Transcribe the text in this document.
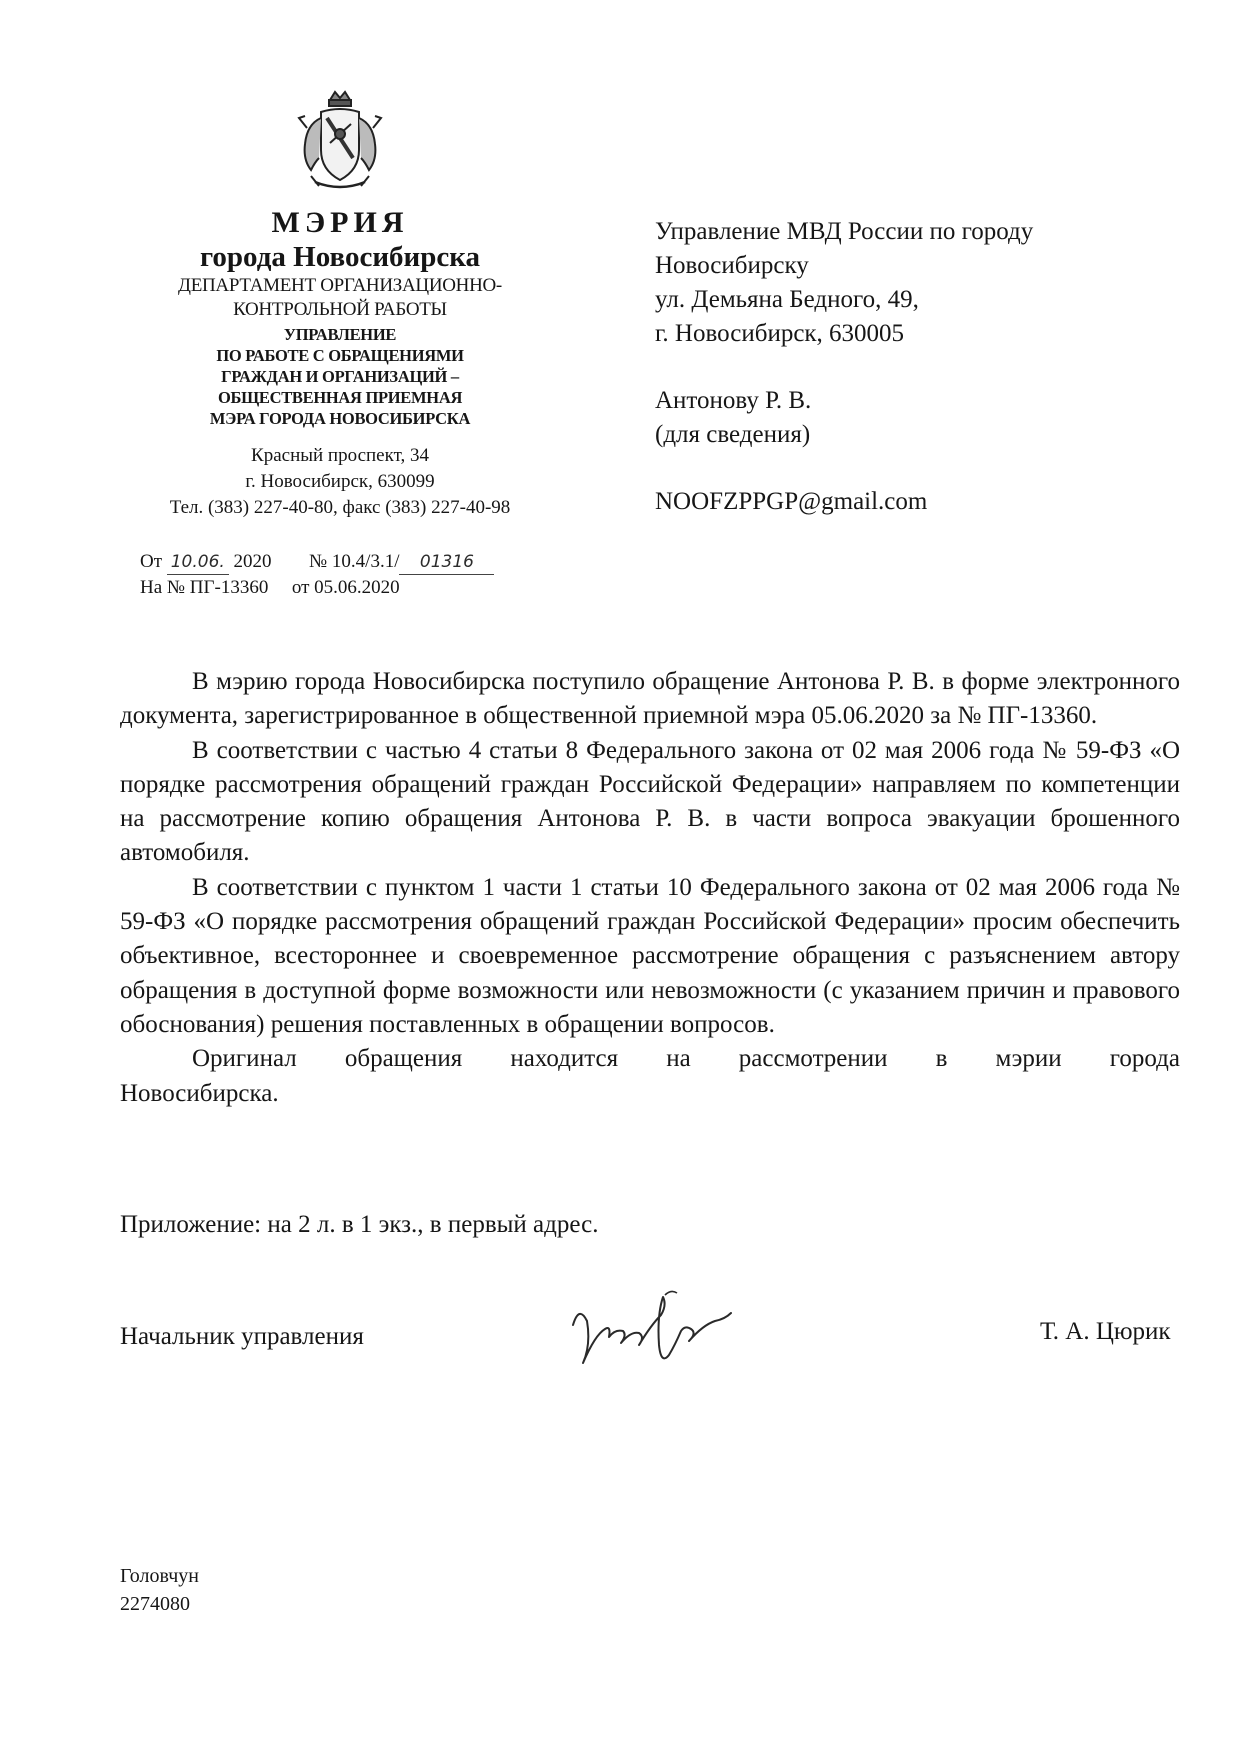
МЭРИЯ
города Новосибирска
ДЕПАРТАМЕНТ ОРГАНИЗАЦИОННО-
КОНТРОЛЬНОЙ РАБОТЫ
УПРАВЛЕНИЕ
ПО РАБОТЕ С ОБРАЩЕНИЯМИ
ГРАЖДАН И ОРГАНИЗАЦИЙ –
ОБЩЕСТВЕННАЯ ПРИЕМНАЯ
МЭРА ГОРОДА НОВОСИБИРСКА
Красный проспект, 34
г. Новосибирск, 630099
Тел. (383) 227-40-80, факс (383) 227-40-98
От 10.06. 2020 № 10.4/3.1/ 01316
На № ПГ-13360 от 05.06.2020
Управление МВД России по городу
Новосибирску
ул. Демьяна Бедного, 49,
г. Новосибирск, 630005
Антонову Р. В.
(для сведения)
NOOFZPPGP@gmail.com

В мэрию города Новосибирска поступило обращение Антонова Р. В. в форме электронного документа, зарегистрированное в общественной приемной мэра 05.06.2020 за № ПГ-13360.

В соответствии с частью 4 статьи 8 Федерального закона от 02 мая 2006 года № 59-ФЗ «О порядке рассмотрения обращений граждан Российской Федерации» направляем по компетенции на рассмотрение копию обращения Антонова Р. В. в части вопроса эвакуации брошенного автомобиля.

В соответствии с пунктом 1 части 1 статьи 10 Федерального закона от 02 мая 2006 года № 59-ФЗ «О порядке рассмотрения обращений граждан Российской Федерации» просим обеспечить объективное, всестороннее и своевременное рассмотрение обращения с разъяснением автору обращения в доступной форме возможности или невозможности (с указанием причин и правового обоснования) решения поставленных в обращении вопросов.

Оригинал обращения находится на рассмотрении в мэрии города

Новосибирска.
Приложение: на 2 л. в 1 экз., в первый адрес.
Начальник управления	Т. А. Цюрик
Головчун
2274080
